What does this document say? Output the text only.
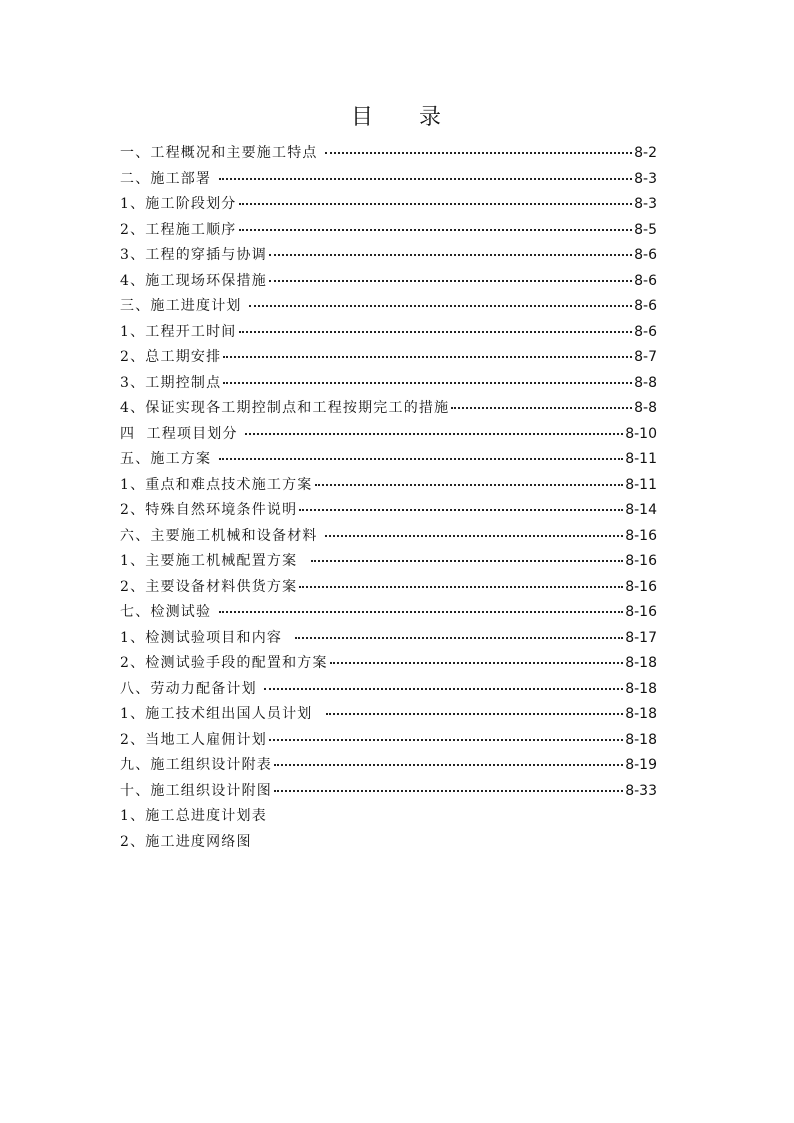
目 录
一、工程概况和主要施工特点	8-2
二、施工部署	8-3
1、施工阶段划分	8-3
2、工程施工顺序	8-5
3、工程的穿插与协调	8-6
4、施工现场环保措施	8-6
三、施工进度计划	8-6
1、工程开工时间	8-6
2、总工期安排	8-7
3、工期控制点	8-8
4、保证实现各工期控制点和工程按期完工的措施	8-8
四  工程项目划分	8-10
五、施工方案	8-11
1、重点和难点技术施工方案	8-11
2、特殊自然环境条件说明	8-14
六、主要施工机械和设备材料	8-16
1、主要施工机械配置方案	8-16
2、主要设备材料供货方案	8-16
七、检测试验	8-16
1、检测试验项目和内容	8-17
2、检测试验手段的配置和方案	8-18
八、劳动力配备计划	8-18
1、施工技术组出国人员计划	8-18
2、当地工人雇佣计划	8-18
九、施工组织设计附表	8-19
十、施工组织设计附图	8-33
1、施工总进度计划表
2、施工进度网络图
